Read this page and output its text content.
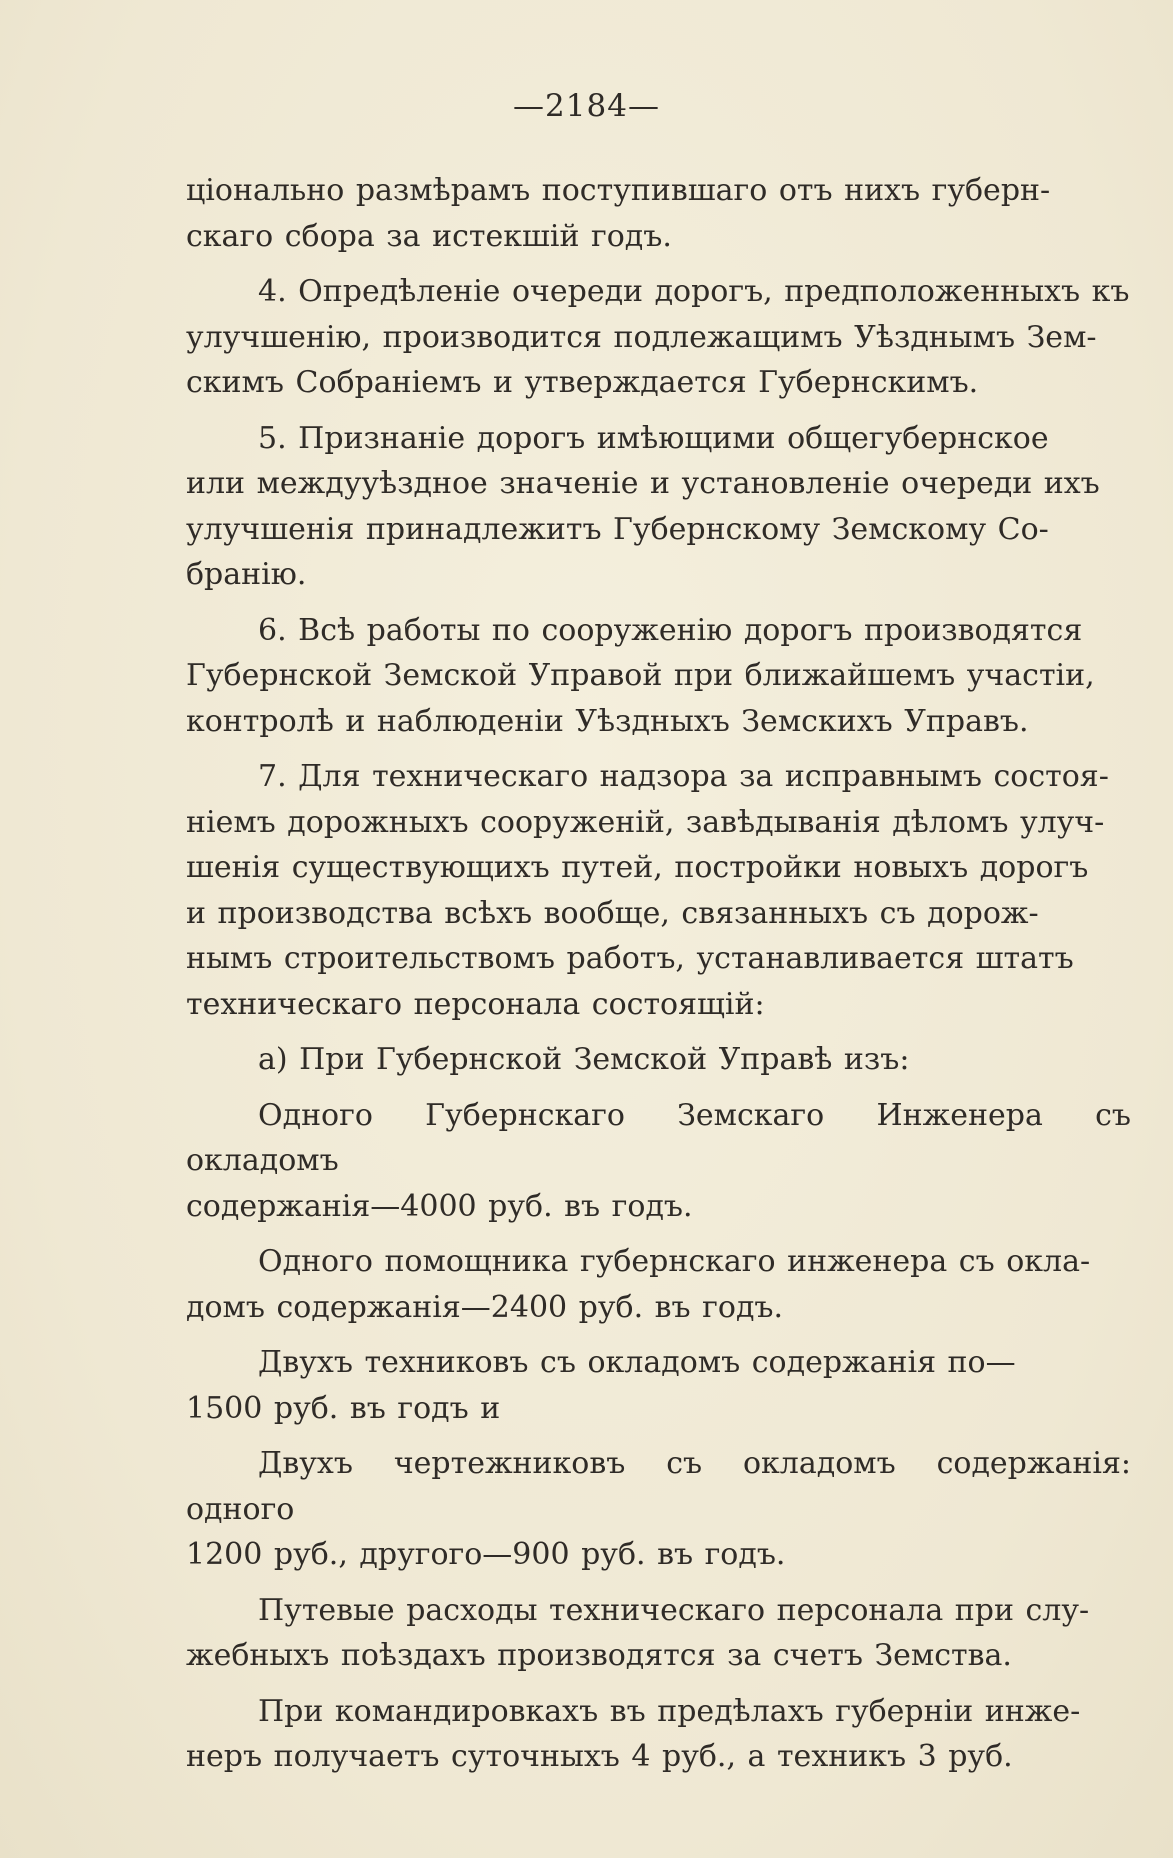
—2184—

ціонально размѣрамъ поступившаго отъ нихъ губерн-
скаго сбора за истекшій годъ.

4. Опредѣленіе очереди дорогъ, предположенныхъ къ
улучшенію, производится подлежащимъ Уѣзднымъ Зем-
скимъ Собраніемъ и утверждается Губернскимъ.

5. Признаніе дорогъ имѣющими общегубернское
или междууѣздное значеніе и установленіе очереди ихъ
улучшенія принадлежитъ Губернскому Земскому Со-
бранію.

6. Всѣ работы по сооруженію дорогъ производятся
Губернской Земской Управой при ближайшемъ участіи,
контролѣ и наблюденіи Уѣздныхъ Земскихъ Управъ.

7. Для техническаго надзора за исправнымъ состоя-
ніемъ дорожныхъ сооруженій, завѣдыванія дѣломъ улуч-
шенія существующихъ путей, постройки новыхъ дорогъ
и производства всѣхъ вообще, связанныхъ съ дорож-
нымъ строительствомъ работъ, устанавливается штатъ
техническаго персонала состоящій:

а) При Губернской Земской Управѣ изъ:

Одного Губернскаго Земскаго Инженера съ окладомъ
содержанія—4000 руб. въ годъ.

Одного помощника губернскаго инженера съ окла-
домъ содержанія—2400 руб. въ годъ.

Двухъ техниковъ съ окладомъ содержанія по—
1500 руб. въ годъ и

Двухъ чертежниковъ съ окладомъ содержанія: одного
1200 руб., другого—900 руб. въ годъ.

Путевые расходы техническаго персонала при слу-
жебныхъ поѣздахъ производятся за счетъ Земства.

При командировкахъ въ предѣлахъ губерніи инже-
неръ получаетъ суточныхъ 4 руб., а техникъ 3 руб.
